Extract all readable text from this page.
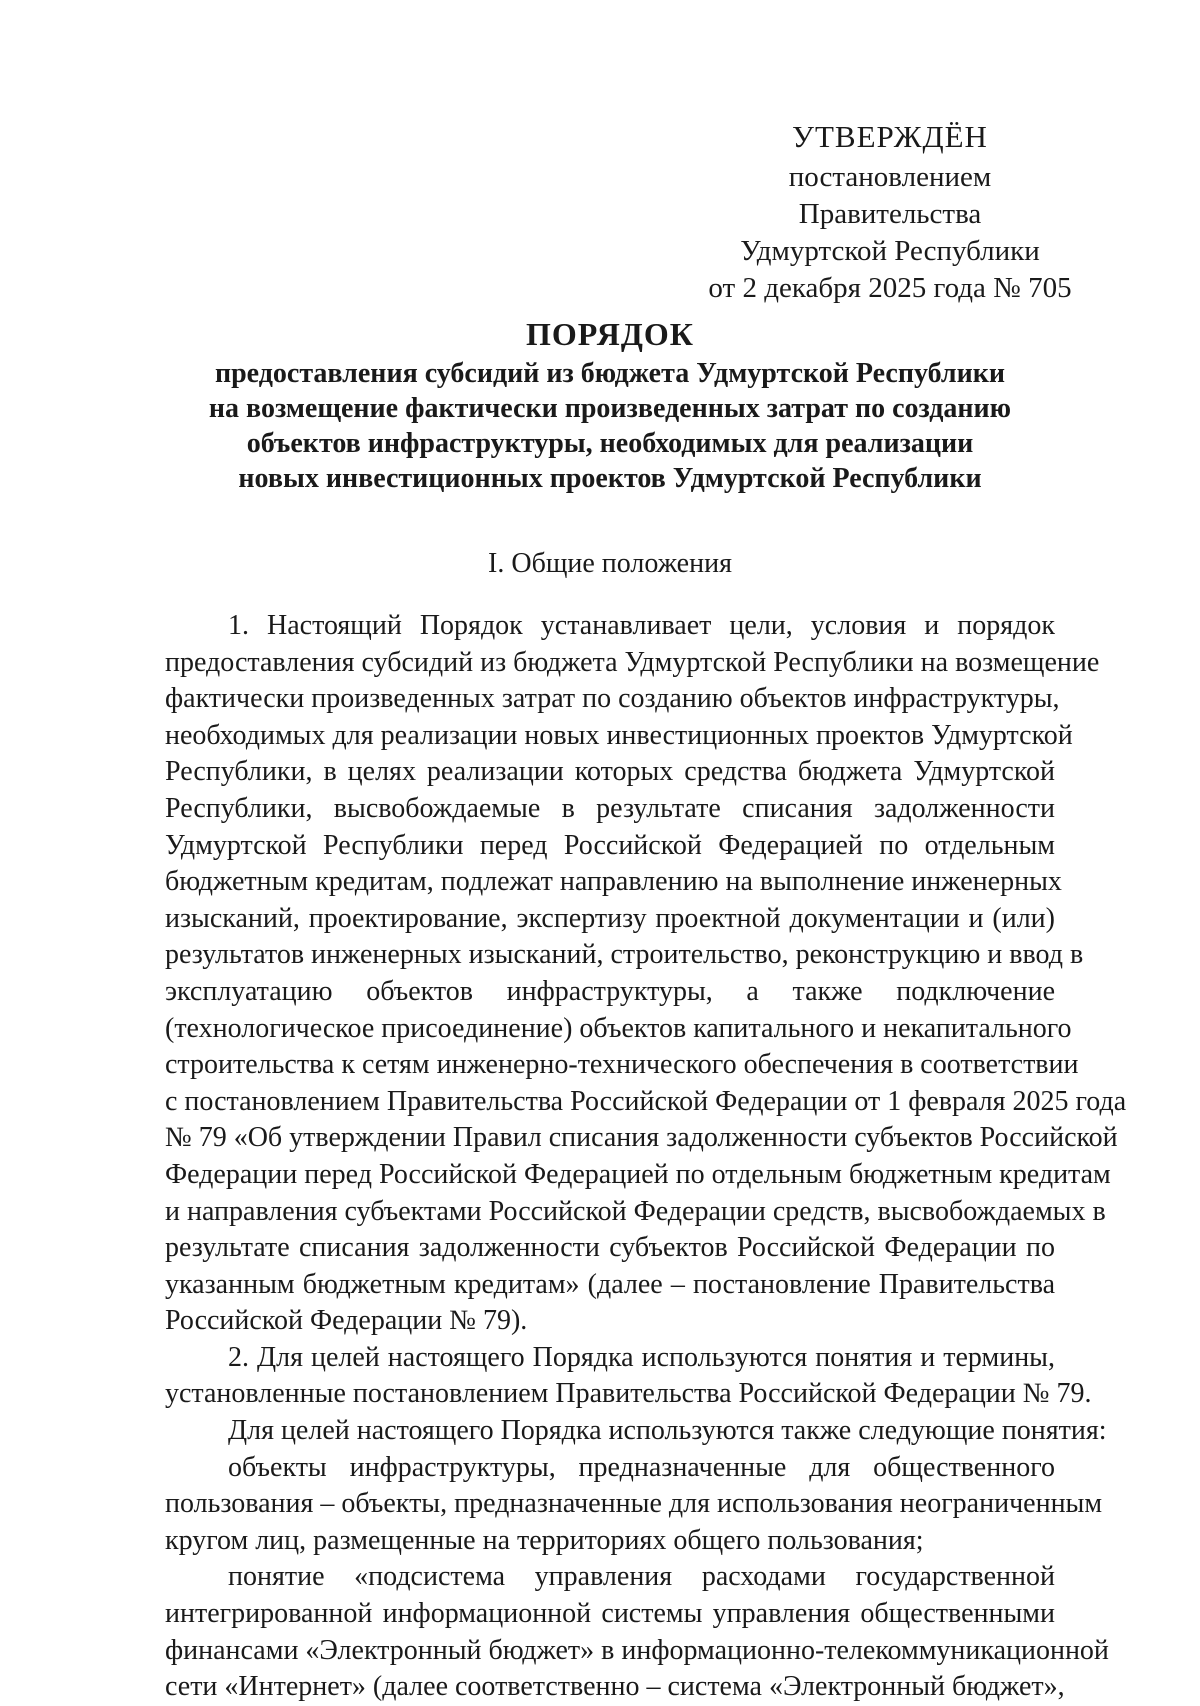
УТВЕРЖДЁН
постановлением Правительства
Удмуртской Республики
от 2 декабря 2025 года № 705
ПОРЯДОК
предоставления субсидий из бюджета Удмуртской Республики
на возмещение фактически произведенных затрат по созданию
объектов инфраструктуры, необходимых для реализации
новых инвестиционных проектов Удмуртской Республики
I. Общие положения
1. Настоящий Порядок устанавливает цели, условия и порядок
предоставления субсидий из бюджета Удмуртской Республики на возмещение
фактически произведенных затрат по созданию объектов инфраструктуры,
необходимых для реализации новых инвестиционных проектов Удмуртской
Республики, в целях реализации которых средства бюджета Удмуртской
Республики, высвобождаемые в результате списания задолженности
Удмуртской Республики перед Российской Федерацией по отдельным
бюджетным кредитам, подлежат направлению на выполнение инженерных
изысканий, проектирование, экспертизу проектной документации и (или)
результатов инженерных изысканий, строительство, реконструкцию и ввод в
эксплуатацию объектов инфраструктуры, а также подключение
(технологическое присоединение) объектов капитального и некапитального
строительства к сетям инженерно-технического обеспечения в соответствии
с постановлением Правительства Российской Федерации от 1 февраля 2025 года
№ 79 «Об утверждении Правил списания задолженности субъектов Российской
Федерации перед Российской Федерацией по отдельным бюджетным кредитам
и направления субъектами Российской Федерации средств, высвобождаемых в
результате списания задолженности субъектов Российской Федерации по
указанным бюджетным кредитам» (далее – постановление Правительства
Российской Федерации № 79).
2. Для целей настоящего Порядка используются понятия и термины,
установленные постановлением Правительства Российской Федерации № 79.
Для целей настоящего Порядка используются также следующие понятия:
объекты инфраструктуры, предназначенные для общественного
пользования – объекты, предназначенные для использования неограниченным
кругом лиц, размещенные на территориях общего пользования;
понятие «подсистема управления расходами государственной
интегрированной информационной системы управления общественными
финансами «Электронный бюджет» в информационно-телекоммуникационной
сети «Интернет» (далее соответственно – система «Электронный бюджет»,
